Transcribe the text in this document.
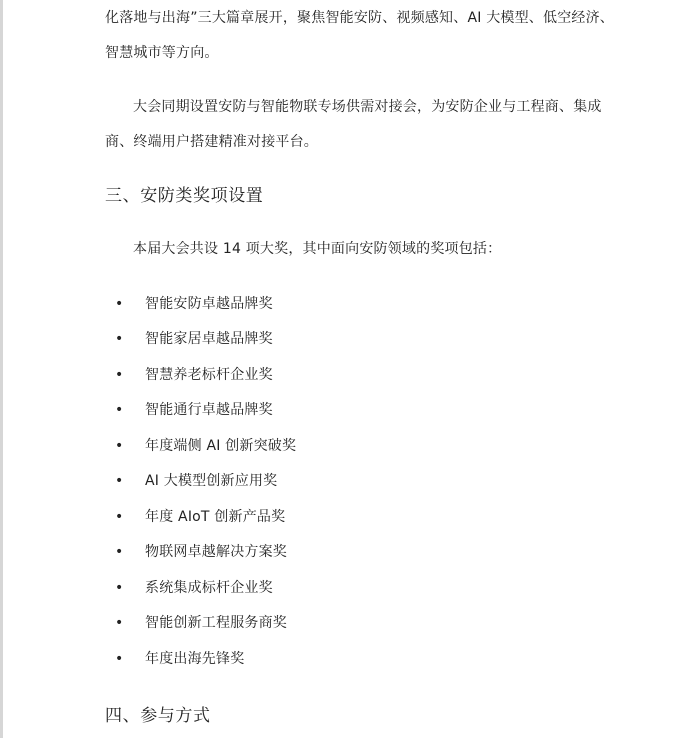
化落地与出海”三大篇章展开，聚焦智能安防、视频感知、AI 大模型、低空经济、
智慧城市等方向。
大会同期设置安防与智能物联专场供需对接会，为安防企业与工程商、集成
商、终端用户搭建精准对接平台。
三、安防类奖项设置
本届大会共设 14 项大奖，其中面向安防领域的奖项包括：
• 智能安防卓越品牌奖
• 智能家居卓越品牌奖
• 智慧养老标杆企业奖
• 智能通行卓越品牌奖
• 年度端侧 AI 创新突破奖
• AI 大模型创新应用奖
• 年度 AIoT 创新产品奖
• 物联网卓越解决方案奖
• 系统集成标杆企业奖
• 智能创新工程服务商奖
• 年度出海先锋奖
四、参与方式
